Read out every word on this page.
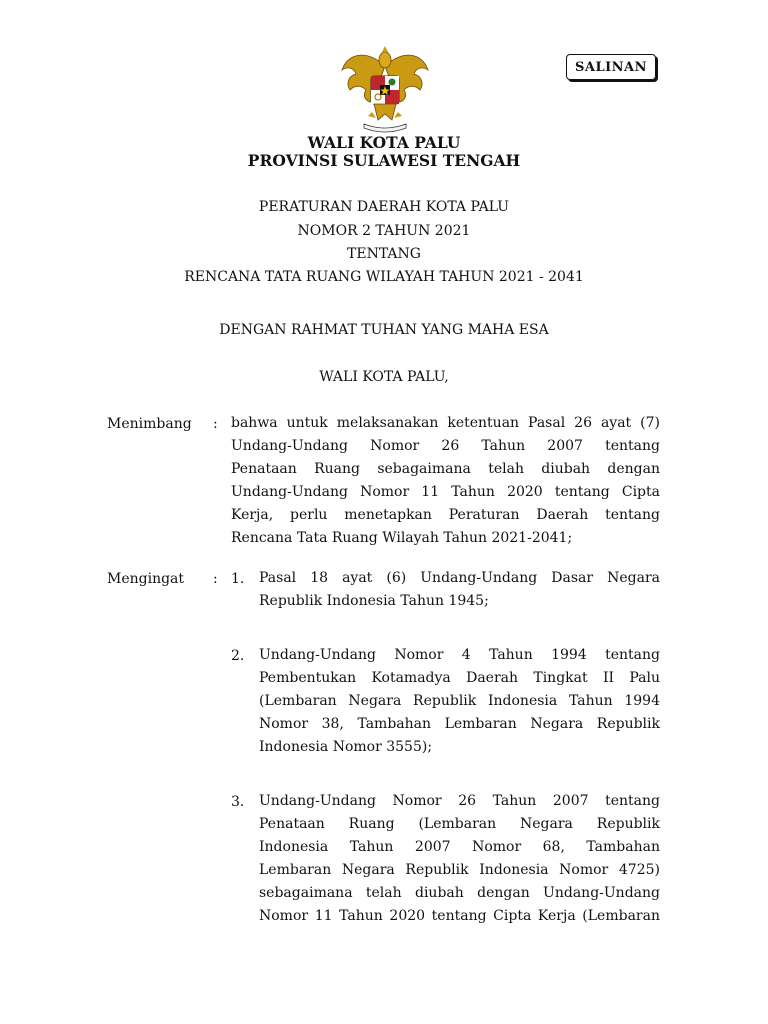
SALINAN
WALI KOTA PALU
PROVINSI SULAWESI TENGAH
PERATURAN DAERAH KOTA PALU
NOMOR 2 TAHUN 2021
TENTANG
RENCANA TATA RUANG WILAYAH TAHUN 2021 - 2041
DENGAN RAHMAT TUHAN YANG MAHA ESA
WALI KOTA PALU,
Menimbang : bahwa untuk melaksanakan ketentuan Pasal 26 ayat (7)
Undang-Undang Nomor 26 Tahun 2007 tentang
Penataan Ruang sebagaimana telah diubah dengan
Undang-Undang Nomor 11 Tahun 2020 tentang Cipta
Kerja, perlu menetapkan Peraturan Daerah tentang
Rencana Tata Ruang Wilayah Tahun 2021-2041;
Mengingat : 1. Pasal 18 ayat (6) Undang-Undang Dasar Negara
Republik Indonesia Tahun 1945;
2. Undang-Undang Nomor 4 Tahun 1994 tentang
Pembentukan Kotamadya Daerah Tingkat II Palu
(Lembaran Negara Republik Indonesia Tahun 1994
Nomor 38, Tambahan Lembaran Negara Republik
Indonesia Nomor 3555);
3. Undang-Undang Nomor 26 Tahun 2007 tentang
Penataan Ruang (Lembaran Negara Republik
Indonesia Tahun 2007 Nomor 68, Tambahan
Lembaran Negara Republik Indonesia Nomor 4725)
sebagaimana telah diubah dengan Undang-Undang
Nomor 11 Tahun 2020 tentang Cipta Kerja (Lembaran
